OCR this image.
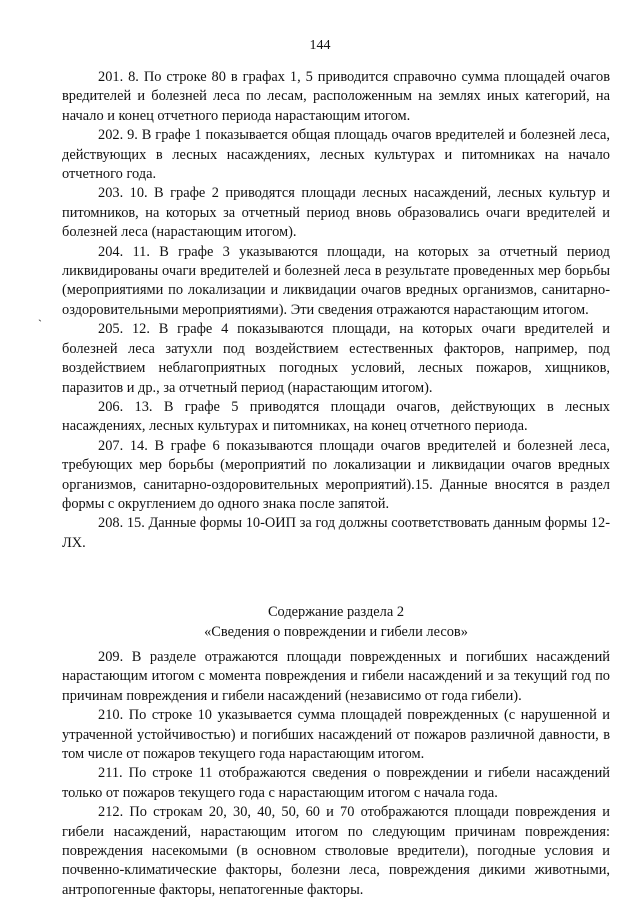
144
`

201. 8. По строке 80 в графах 1, 5 приводится справочно сумма площадей очагов вредителей и болезней леса по лесам, расположенным на землях иных категорий, на начало и конец отчетного периода нарастающим итогом.

202. 9. В графе 1 показывается общая площадь очагов вредителей и болезней леса, действующих в лесных насаждениях, лесных культурах и питомниках на начало отчетного года.

203. 10. В графе 2 приводятся площади лесных насаждений, лесных культур и питомников, на которых за отчетный период вновь образовались очаги вредителей и болезней леса (нарастающим итогом).

204. 11. В графе 3 указываются площади, на которых за отчетный период ликвидированы очаги вредителей и болезней леса в результате проведенных мер борьбы (мероприятиями по локализации и ликвидации очагов вредных организмов, санитарно-оздоровительными мероприятиями). Эти сведения отражаются нарастающим итогом.

205. 12. В графе 4 показываются площади, на которых очаги вредителей и болезней леса затухли под воздействием естественных факторов, например, под воздействием неблагоприятных погодных условий, лесных пожаров, хищников, паразитов и др., за отчетный период (нарастающим итогом).

206. 13. В графе 5 приводятся площади очагов, действующих в лесных насаждениях, лесных культурах и питомниках, на конец отчетного периода.

207. 14. В графе 6 показываются площади очагов вредителей и болезней леса, требующих мер борьбы (мероприятий по локализации и ликвидации очагов вредных организмов, санитарно-оздоровительных мероприятий).15. Данные вносятся в раздел формы с округлением до одного знака после запятой.

208. 15. Данные формы 10-ОИП за год должны соответствовать данным формы 12-ЛХ.

Содержание раздела 2
«Сведения о повреждении и гибели лесов»

209. В разделе отражаются площади поврежденных и погибших насаждений нарастающим итогом с момента повреждения и гибели насаждений и за текущий год по причинам повреждения и гибели насаждений (независимо от года гибели).

210. По строке 10 указывается сумма площадей поврежденных (с нарушенной и утраченной устойчивостью) и погибших насаждений от пожаров различной давности, в том числе от пожаров текущего года нарастающим итогом.

211. По строке 11 отображаются сведения о повреждении и гибели насаждений только от пожаров текущего года с нарастающим итогом с начала года.

212. По строкам 20, 30, 40, 50, 60 и 70 отображаются площади повреждения и гибели насаждений, нарастающим итогом по следующим причинам повреждения: повреждения насекомыми (в основном стволовые вредители), погодные условия и почвенно-климатические факторы, болезни леса, повреждения дикими животными, антропогенные факторы, непатогенные факторы.
